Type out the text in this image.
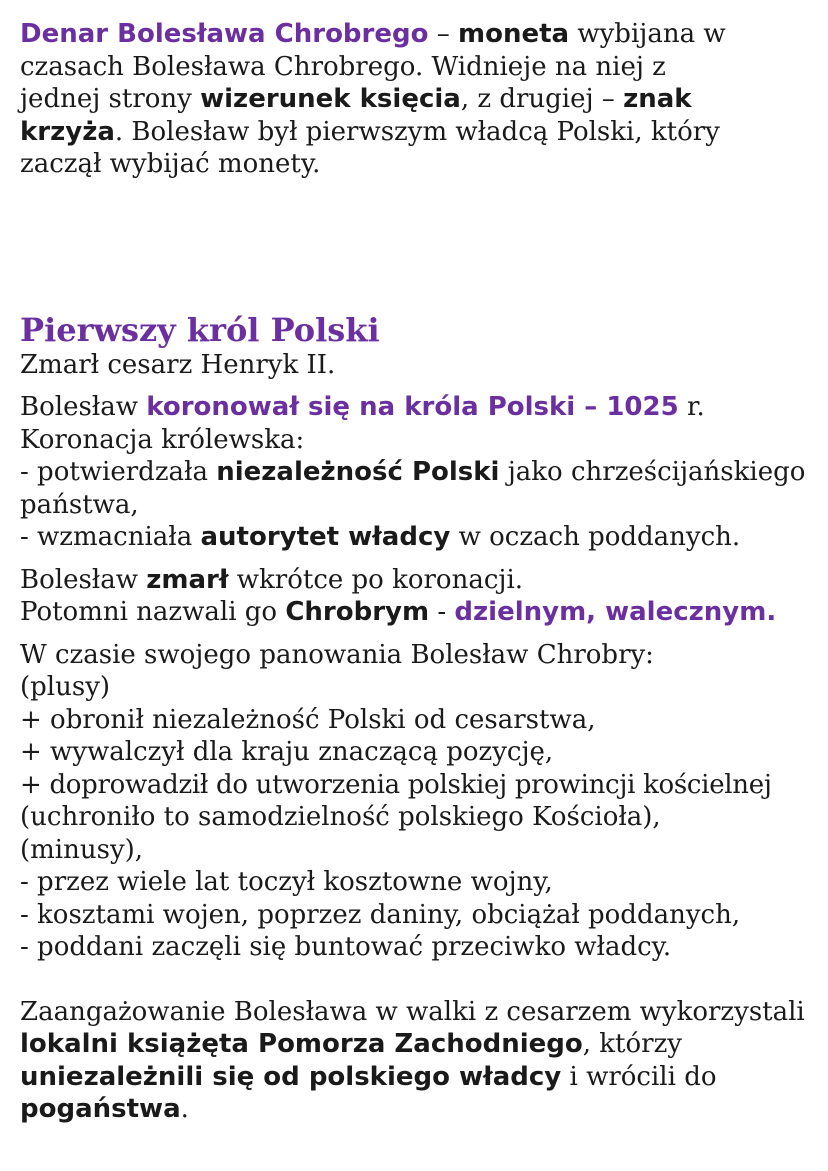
Denar Bolesława Chrobrego – moneta wybijana w czasach Bolesława Chrobrego. Widnieje na niej z jednej strony wizerunek księcia, z drugiej – znak krzyża. Bolesław był pierwszym władcą Polski, który zaczął wybijać monety.

Pierwszy król Polski

Zmarł cesarz Henryk II.

Bolesław koronował się na króla Polski – 1025 r.
Koronacja królewska:
- potwierdzała niezależność Polski jako chrześcijańskiego państwa,
- wzmacniała autorytet władcy w oczach poddanych.

Bolesław zmarł wkrótce po koronacji.
Potomni nazwali go Chrobrym - dzielnym, walecznym.

W czasie swojego panowania Bolesław Chrobry:
(plusy)
+ obronił niezależność Polski od cesarstwa,
+ wywalczył dla kraju znaczącą pozycję,
+ doprowadził do utworzenia polskiej prowincji kościelnej
(uchroniło to samodzielność polskiego Kościoła),
(minusy),
- przez wiele lat toczył kosztowne wojny,
- kosztami wojen, poprzez daniny, obciążał poddanych,
- poddani zaczęli się buntować przeciwko władcy.

Zaangażowanie Bolesława w walki z cesarzem wykorzystali lokalni książęta Pomorza Zachodniego, którzy uniezależnili się od polskiego władcy i wrócili do pogaństwa.
